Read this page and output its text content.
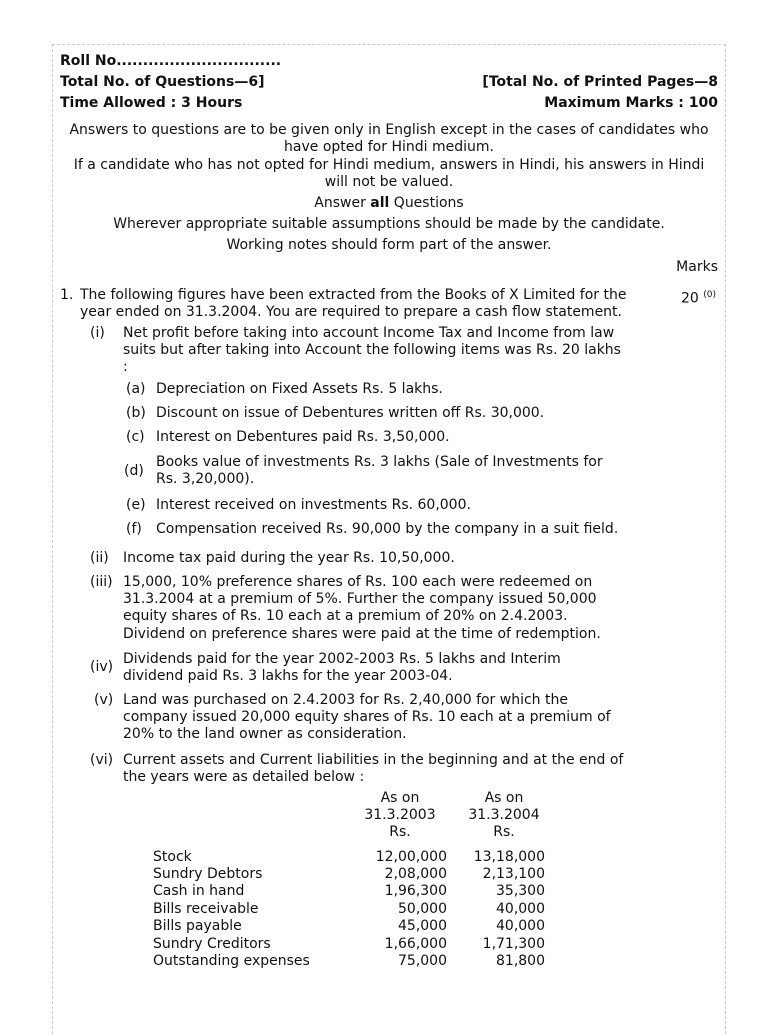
Roll No...............................
Total No. of Questions—6]	[Total No. of Printed Pages—8
Time Allowed : 3 Hours	Maximum Marks : 100
Answers to questions are to be given only in English except in the cases of candidates who
have opted for Hindi medium.
If a candidate who has not opted for Hindi medium, answers in Hindi, his answers in Hindi
will not be valued.
Answer all Questions
Wherever appropriate suitable assumptions should be made by the candidate.
Working notes should form part of the answer.
Marks
1. The following figures have been extracted from the Books of X Limited for the
year ended on 31.3.2004. You are required to prepare a cash flow statement.
20 $^{(0)}$
(i) Net profit before taking into account Income Tax and Income from law
suits but after taking into Account the following items was Rs. 20 lakhs
:
(a) Depreciation on Fixed Assets Rs. 5 lakhs.
(b) Discount on issue of Debentures written off Rs. 30,000.
(c) Interest on Debentures paid Rs. 3,50,000.
(d)
Books value of investments Rs. 3 lakhs (Sale of Investments for
Rs. 3,20,000).
(e) Interest received on investments Rs. 60,000.
(f) Compensation received Rs. 90,000 by the company in a suit field.
(ii) Income tax paid during the year Rs. 10,50,000.
(iii) 15,000, 10% preference shares of Rs. 100 each were redeemed on
31.3.2004 at a premium of 5%. Further the company issued 50,000
equity shares of Rs. 10 each at a premium of 20% on 2.4.2003.
Dividend on preference shares were paid at the time of redemption.
(iv) Dividends paid for the year 2002-2003 Rs. 5 lakhs and Interim
dividend paid Rs. 3 lakhs for the year 2003-04.
(v) Land was purchased on 2.4.2003 for Rs. 2,40,000 for which the
company issued 20,000 equity shares of Rs. 10 each at a premium of
20% to the land owner as consideration.
(vi) Current assets and Current liabilities in the beginning and at the end of
the years were as detailed below :
As on	As on
31.3.2003	31.3.2004
Rs.	Rs.
Stock	12,00,000	13,18,000
Sundry Debtors	2,08,000	2,13,100
Cash in hand	1,96,300	35,300
Bills receivable	50,000	40,000
Bills payable	45,000	40,000
Sundry Creditors	1,66,000	1,71,300
Outstanding expenses	75,000	81,800
